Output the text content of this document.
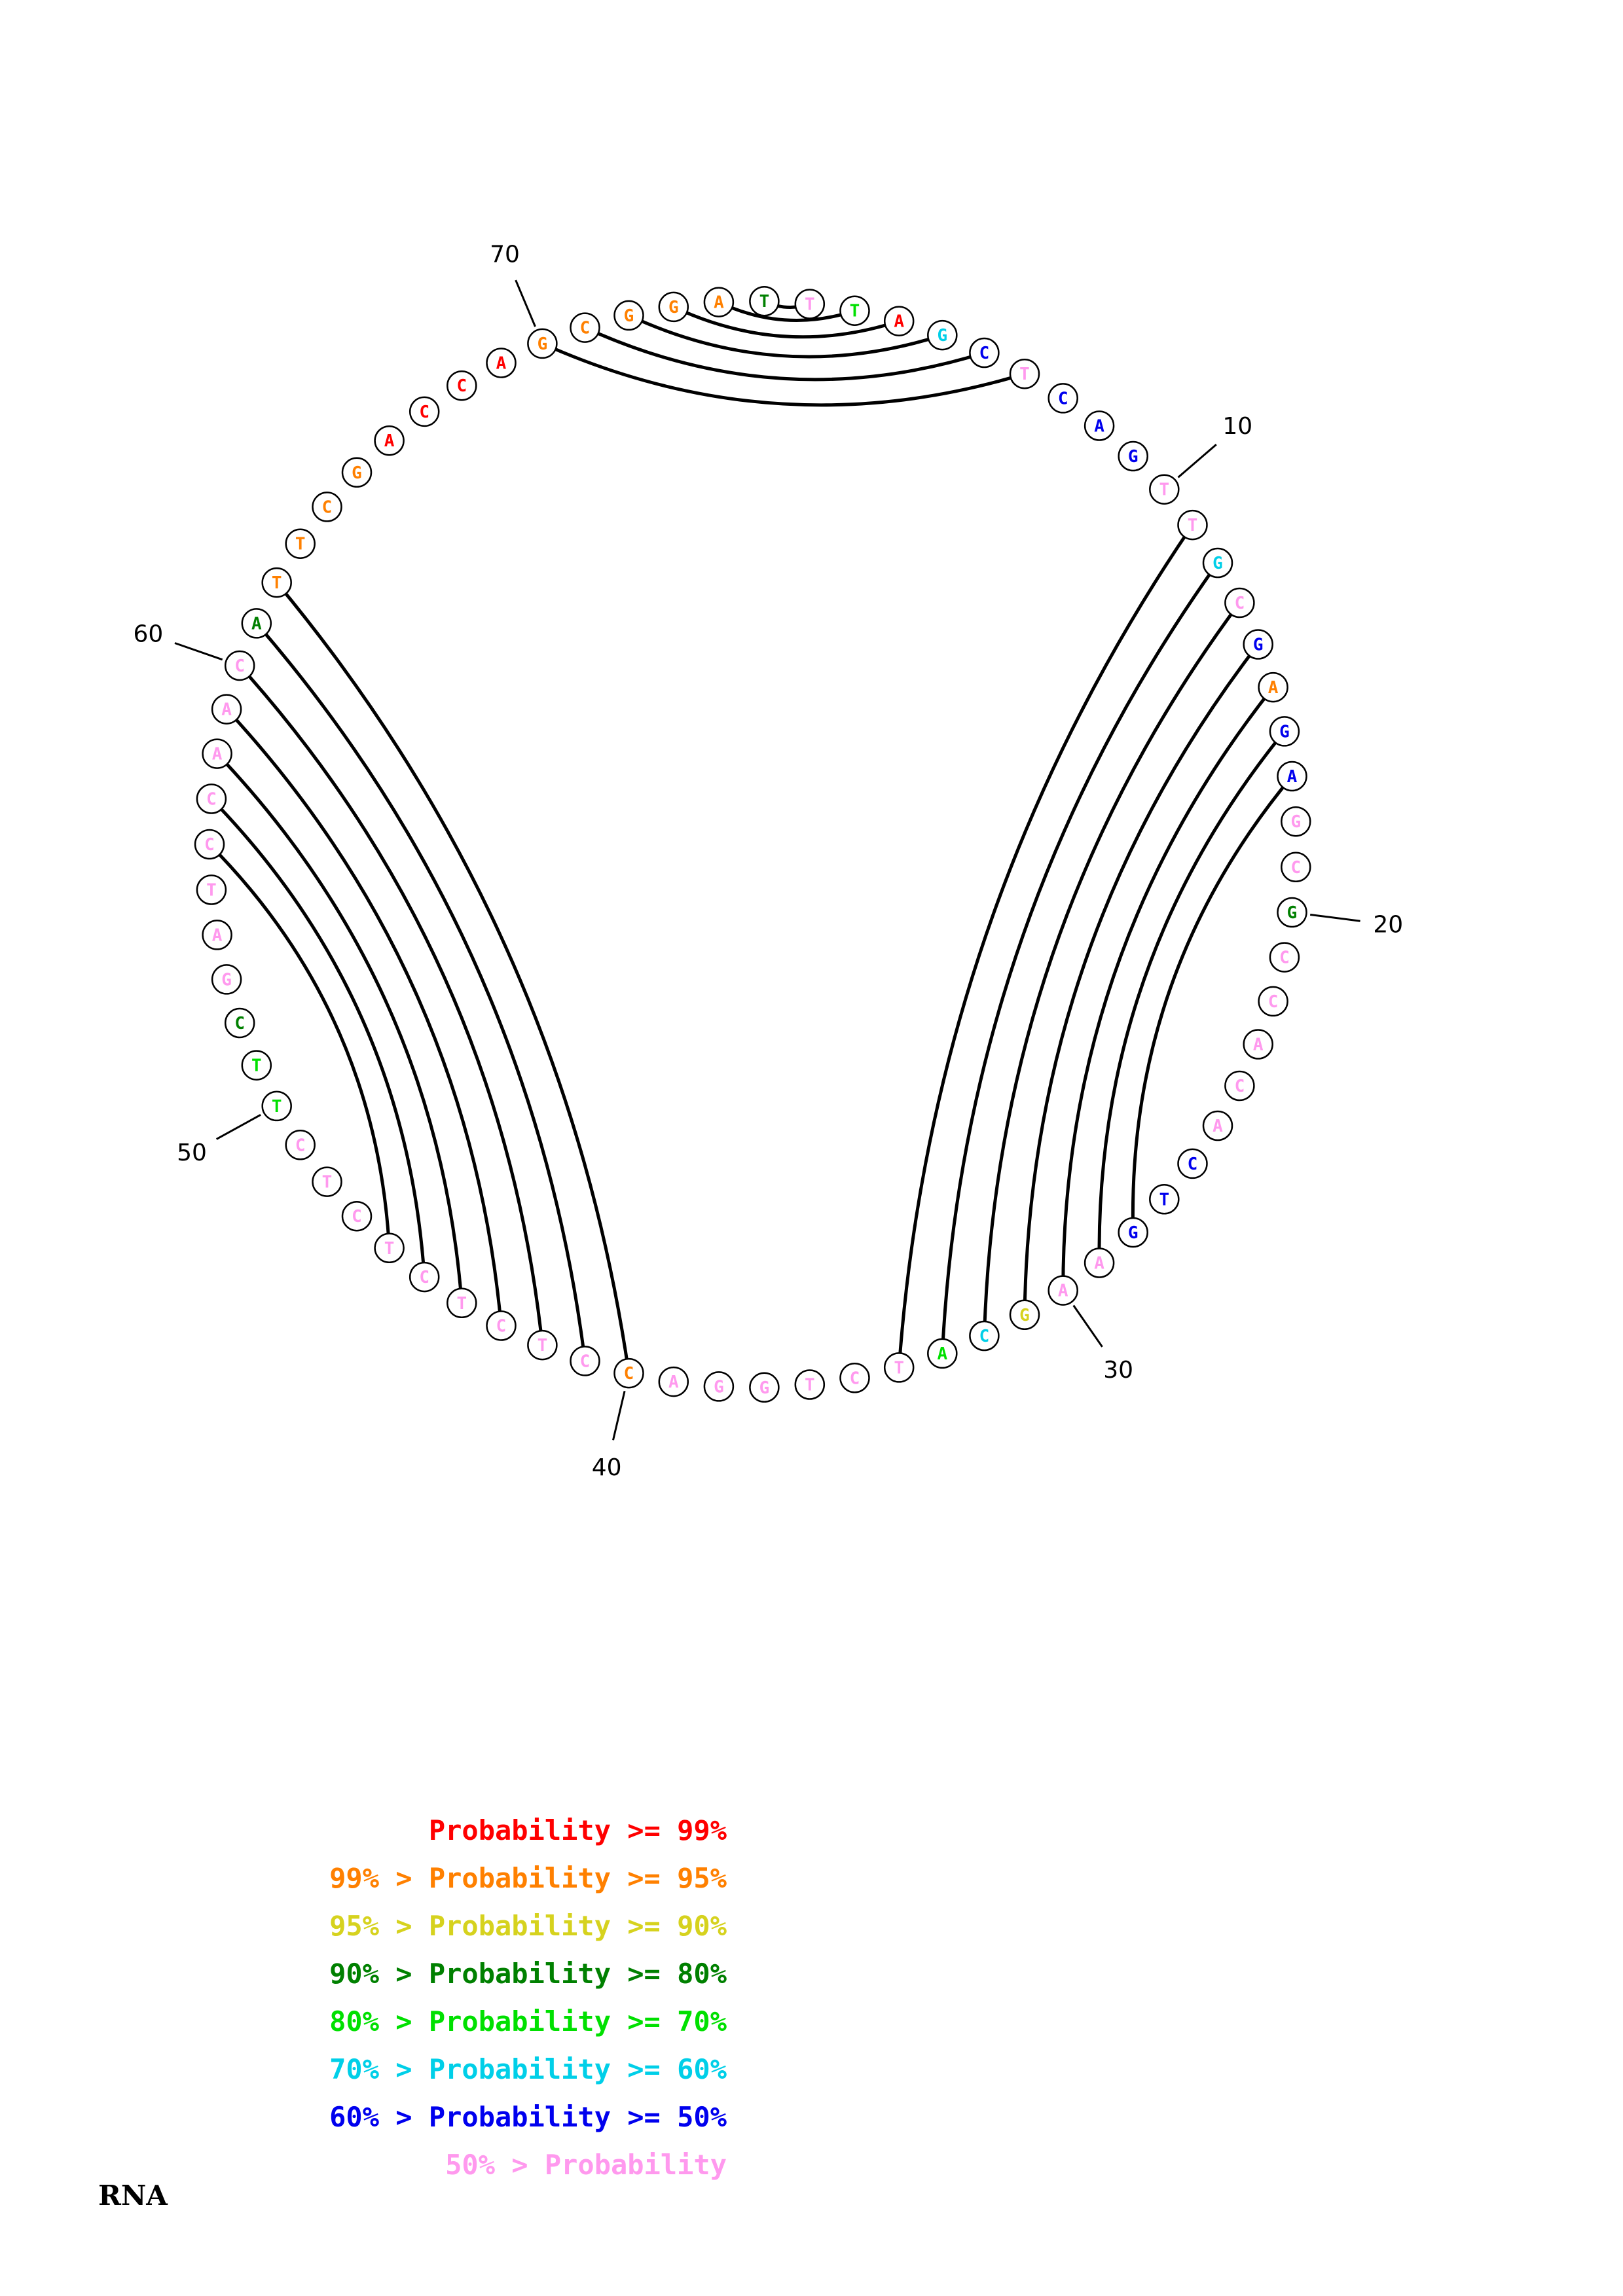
T T
A
G
C
T
C
A
G
T
T
G
C
G
A
G
A
G
C
G
C
C
A
C
A
C
T
G
A
A
G
C
A
T
C
T
G
G
A
C
C
T
C
T
C
T
C
T
C
T
T
C
G
A
T
C
C
A
A
C
A
T
T
C
G
A
C
C
A
G
C
G G A T
10
20
30
40
50
60
70
Probability >= 99%
99% > Probability >= 95%
95% > Probability >= 90%
90% > Probability >= 80%
80% > Probability >= 70%
70% > Probability >= 60%
60% > Probability >= 50%
50% > Probability
RNA
